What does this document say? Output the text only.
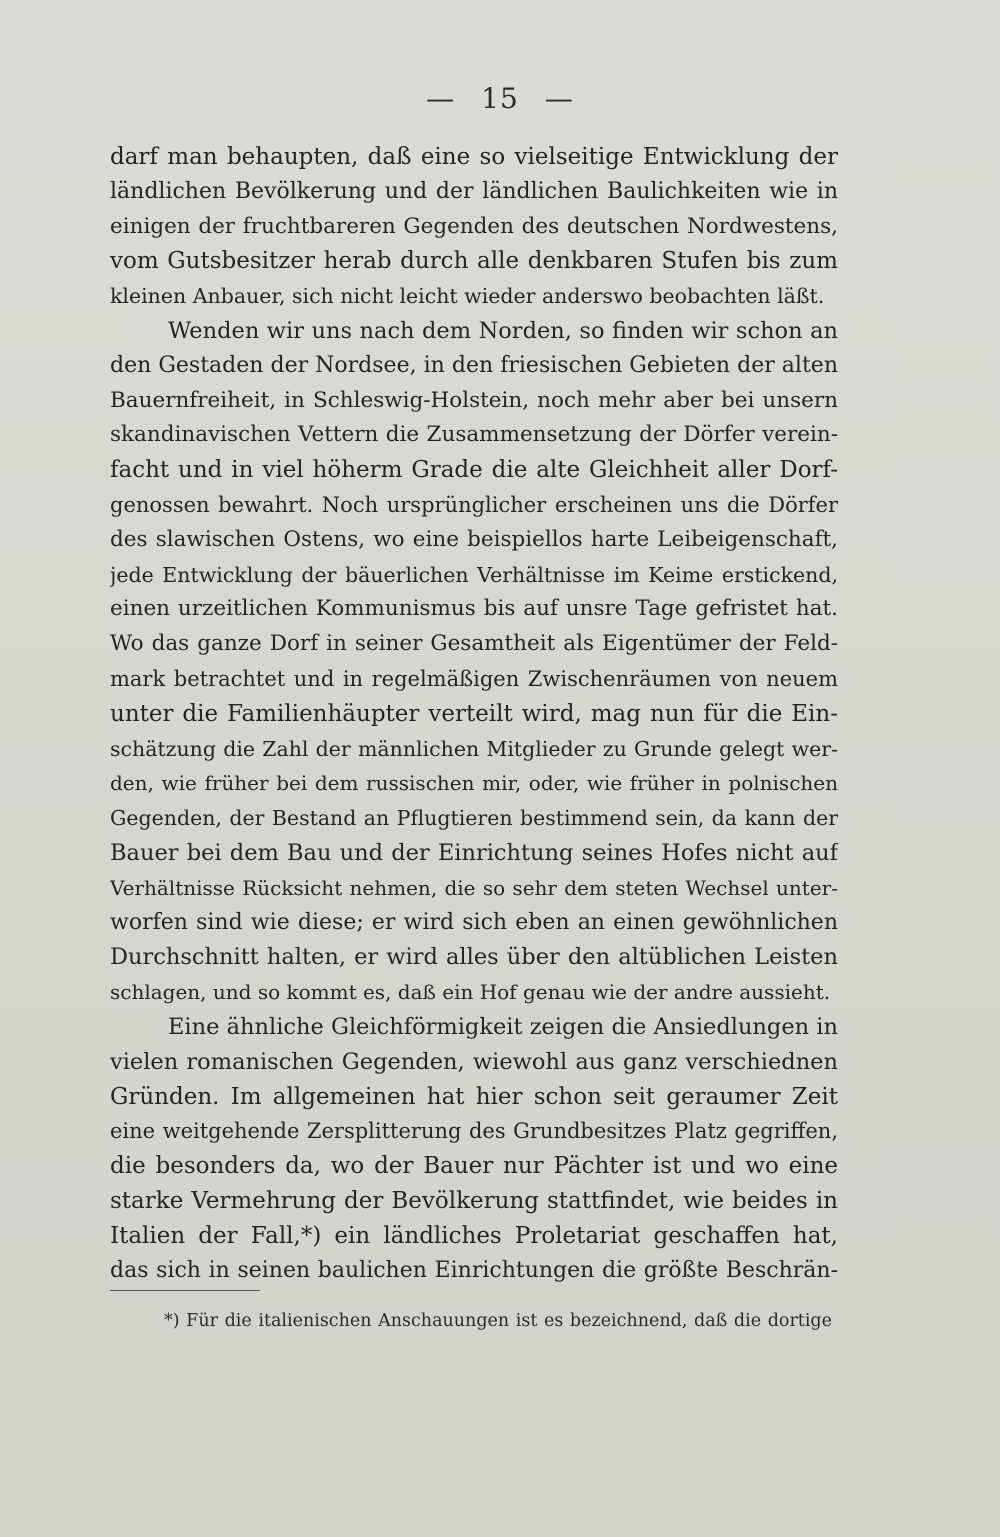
— 15 —
darf man behaupten, daß eine so vielseitige Entwicklung der
ländlichen Bevölkerung und der ländlichen Baulichkeiten wie in
einigen der fruchtbareren Gegenden des deutschen Nordwestens,
vom Gutsbesitzer herab durch alle denkbaren Stufen bis zum
kleinen Anbauer, sich nicht leicht wieder anderswo beobachten läßt.
Wenden wir uns nach dem Norden, so finden wir schon an
den Gestaden der Nordsee, in den friesischen Gebieten der alten
Bauernfreiheit, in Schleswig-Holstein, noch mehr aber bei unsern
skandinavischen Vettern die Zusammensetzung der Dörfer verein-
facht und in viel höherm Grade die alte Gleichheit aller Dorf-
genossen bewahrt. Noch ursprünglicher erscheinen uns die Dörfer
des slawischen Ostens, wo eine beispiellos harte Leibeigenschaft,
jede Entwicklung der bäuerlichen Verhältnisse im Keime erstickend,
einen urzeitlichen Kommunismus bis auf unsre Tage gefristet hat.
Wo das ganze Dorf in seiner Gesamtheit als Eigentümer der Feld-
mark betrachtet und in regelmäßigen Zwischenräumen von neuem
unter die Familienhäupter verteilt wird, mag nun für die Ein-
schätzung die Zahl der männlichen Mitglieder zu Grunde gelegt wer-
den, wie früher bei dem russischen mir, oder, wie früher in polnischen
Gegenden, der Bestand an Pflugtieren bestimmend sein, da kann der
Bauer bei dem Bau und der Einrichtung seines Hofes nicht auf
Verhältnisse Rücksicht nehmen, die so sehr dem steten Wechsel unter-
worfen sind wie diese; er wird sich eben an einen gewöhnlichen
Durchschnitt halten, er wird alles über den altüblichen Leisten
schlagen, und so kommt es, daß ein Hof genau wie der andre aussieht.
Eine ähnliche Gleichförmigkeit zeigen die Ansiedlungen in
vielen romanischen Gegenden, wiewohl aus ganz verschiednen
Gründen. Im allgemeinen hat hier schon seit geraumer Zeit
eine weitgehende Zersplitterung des Grundbesitzes Platz gegriffen,
die besonders da, wo der Bauer nur Pächter ist und wo eine
starke Vermehrung der Bevölkerung stattfindet, wie beides in
Italien der Fall,*) ein ländliches Proletariat geschaffen hat,
das sich in seinen baulichen Einrichtungen die größte Beschrän-
*) Für die italienischen Anschauungen ist es bezeichnend, daß die dortige
